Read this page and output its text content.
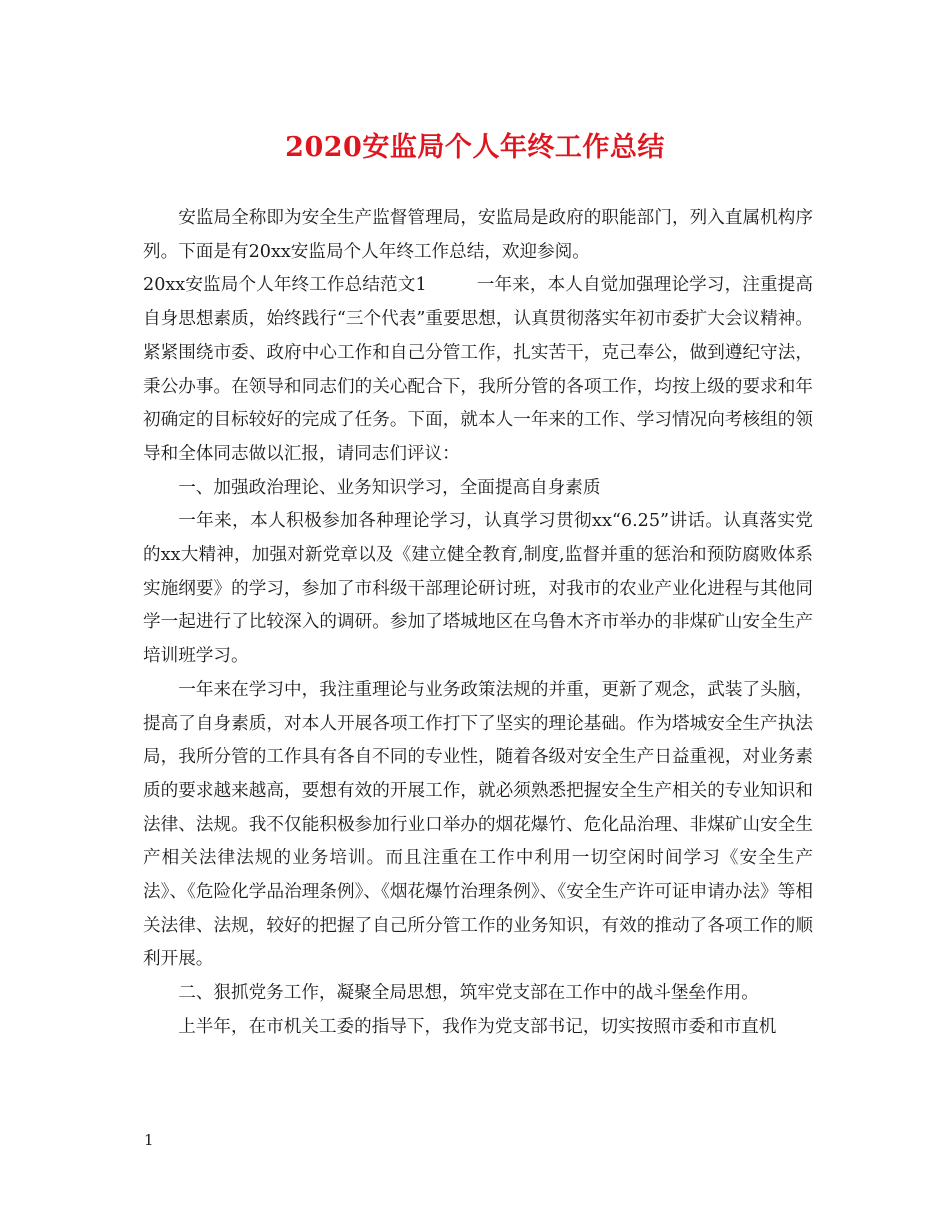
2020安监局个人年终工作总结

安监局全称即为安全生产监督管理局，安监局是政府的职能部门，列入直属机构序列。下面是有20xx安监局个人年终工作总结，欢迎参阅。

20xx安监局个人年终工作总结范文1	一年来，本人自觉加强理论学习，注重提高自身思想素质，始终践行“三个代表”重要思想，认真贯彻落实年初市委扩大会议精神。紧紧围绕市委、政府中心工作和自己分管工作，扎实苦干，克己奉公，做到遵纪守法，秉公办事。在领导和同志们的关心配合下，我所分管的各项工作，均按上级的要求和年初确定的目标较好的完成了任务。下面，就本人一年来的工作、学习情况向考核组的领导和全体同志做以汇报，请同志们评议：

一、加强政治理论、业务知识学习，全面提高自身素质

一年来，本人积极参加各种理论学习，认真学习贯彻xx“6.25”讲话。认真落实党的xx大精神，加强对新党章以及《建立健全教育,制度,监督并重的惩治和预防腐败体系实施纲要》的学习，参加了市科级干部理论研讨班，对我市的农业产业化进程与其他同学一起进行了比较深入的调研。参加了塔城地区在乌鲁木齐市举办的非煤矿山安全生产培训班学习。

一年来在学习中，我注重理论与业务政策法规的并重，更新了观念，武装了头脑，提高了自身素质，对本人开展各项工作打下了坚实的理论基础。作为塔城安全生产执法局，我所分管的工作具有各自不同的专业性，随着各级对安全生产日益重视，对业务素质的要求越来越高，要想有效的开展工作，就必须熟悉把握安全生产相关的专业知识和法律、法规。我不仅能积极参加行业口举办的烟花爆竹、危化品治理、非煤矿山安全生产相关法律法规的业务培训。而且注重在工作中利用一切空闲时间学习《安全生产法》、《危险化学品治理条例》、《烟花爆竹治理条例》、《安全生产许可证申请办法》等相关法律、法规，较好的把握了自己所分管工作的业务知识，有效的推动了各项工作的顺利开展。

二、狠抓党务工作，凝聚全局思想，筑牢党支部在工作中的战斗堡垒作用。

上半年，在市机关工委的指导下，我作为党支部书记，切实按照市委和市直机

1
